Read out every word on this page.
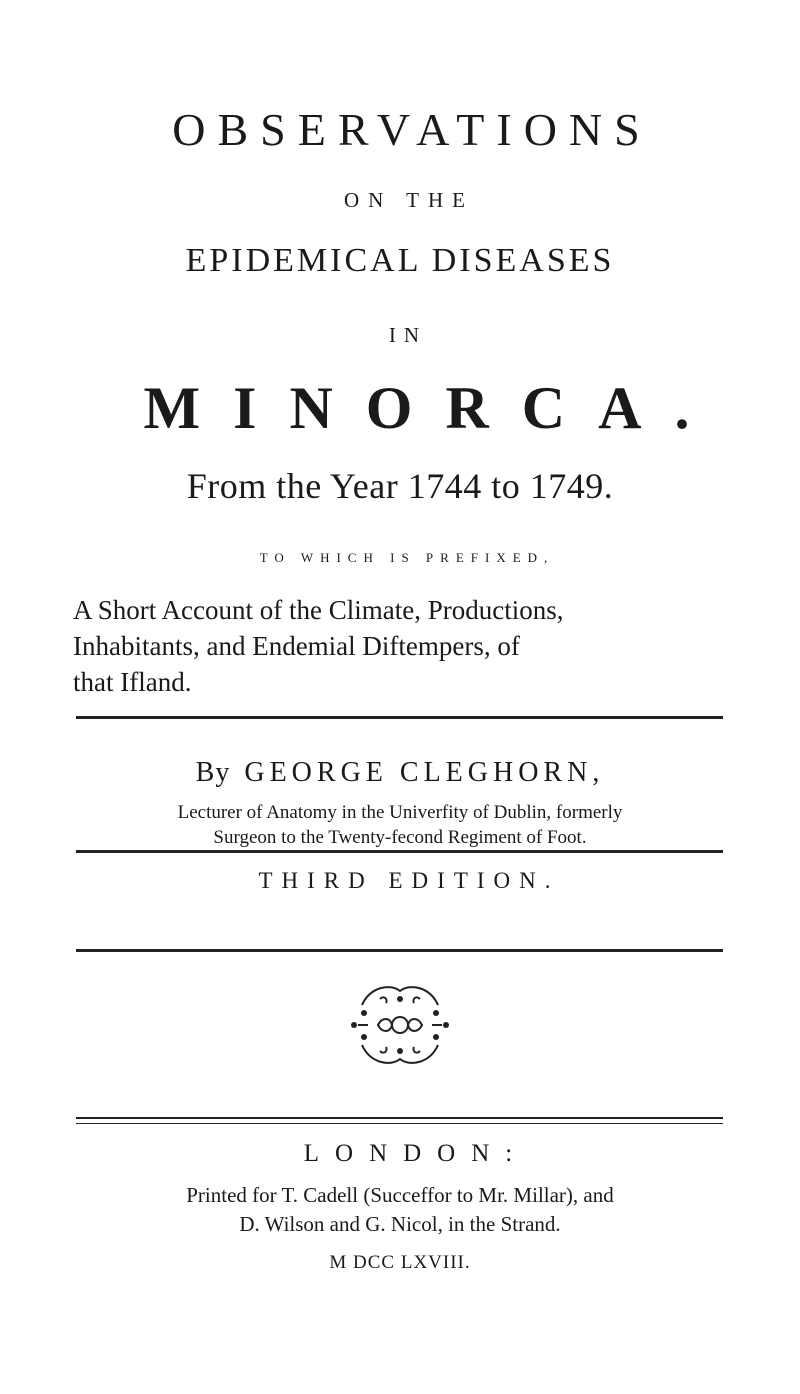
OBSERVATIONS
ON THE
EPIDEMICAL DISEASES
IN
MINORCA.
From the Year 1744 to 1749.
TO WHICH IS PREFIXED,
A Short Account of the Climate, Productions,
Inhabitants, and Endemial Diftempers, of
that Ifland.
By GEORGE CLEGHORN,
Lecturer of Anatomy in the Univerfity of Dublin, formerly
Surgeon to the Twenty-fecond Regiment of Foot.
THIRD EDITION.
LONDON:
Printed for T. Cadell (Succeffor to Mr. Millar), and
D. Wilson and G. Nicol, in the Strand.
M DCC LXVIII.
